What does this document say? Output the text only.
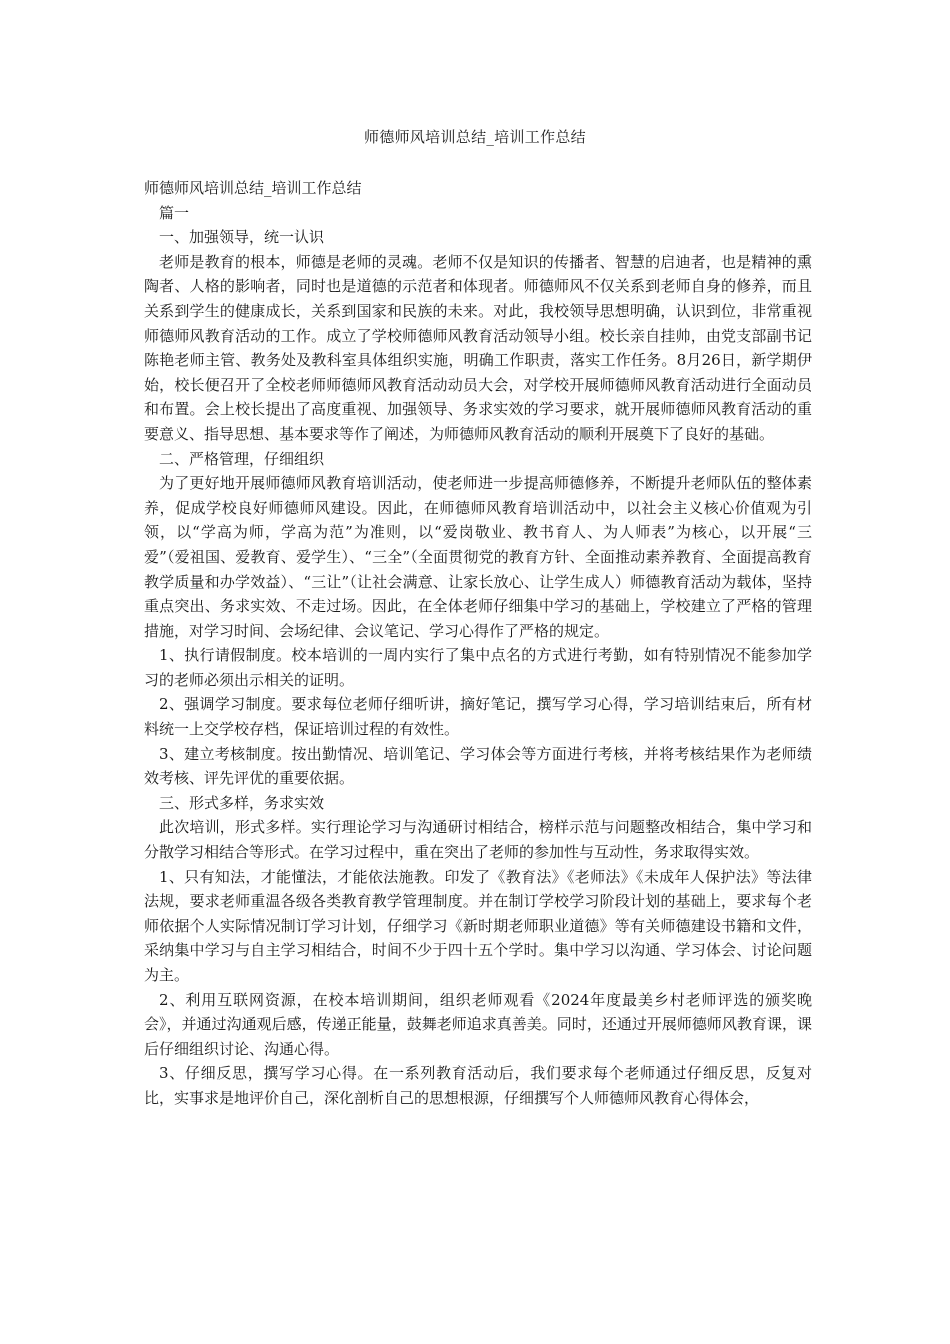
师德师风培训总结_培训工作总结

师德师风培训总结_培训工作总结

篇一

一、加强领导，统一认识

老师是教育的根本，师德是老师的灵魂。老师不仅是知识的传播者、智慧的启迪者，也是精神的熏陶者、人格的影响者，同时也是道德的示范者和体现者。师德师风不仅关系到老师自身的修养，而且关系到学生的健康成长，关系到国家和民族的未来。对此，我校领导思想明确，认识到位，非常重视师德师风教育活动的工作。成立了学校师德师风教育活动领导小组。校长亲自挂帅，由党支部副书记陈艳老师主管、教务处及教科室具体组织实施，明确工作职责，落实工作任务。8月26日，新学期伊始，校长便召开了全校老师师德师风教育活动动员大会，对学校开展师德师风教育活动进行全面动员和布置。会上校长提出了高度重视、加强领导、务求实效的学习要求，就开展师德师风教育活动的重要意义、指导思想、基本要求等作了阐述，为师德师风教育活动的顺利开展奠下了良好的基础。

二、严格管理，仔细组织

为了更好地开展师德师风教育培训活动，使老师进一步提高师德修养，不断提升老师队伍的整体素养，促成学校良好师德师风建设。因此，在师德师风教育培训活动中，以社会主义核心价值观为引领，以“学高为师，学高为范”为准则，以“爱岗敬业、教书育人、为人师表”为核心，以开展“三爱”（爱祖国、爱教育、爱学生）、“三全”（全面贯彻党的教育方针、全面推动素养教育、全面提高教育教学质量和办学效益）、“三让”（让社会满意、让家长放心、让学生成人）师德教育活动为载体，坚持重点突出、务求实效、不走过场。因此，在全体老师仔细集中学习的基础上，学校建立了严格的管理措施，对学习时间、会场纪律、会议笔记、学习心得作了严格的规定。

1、执行请假制度。校本培训的一周内实行了集中点名的方式进行考勤，如有特别情况不能参加学习的老师必须出示相关的证明。

2、强调学习制度。要求每位老师仔细听讲，摘好笔记，撰写学习心得，学习培训结束后，所有材料统一上交学校存档，保证培训过程的有效性。

3、建立考核制度。按出勤情况、培训笔记、学习体会等方面进行考核，并将考核结果作为老师绩效考核、评先评优的重要依据。

三、形式多样，务求实效

此次培训，形式多样。实行理论学习与沟通研讨相结合，榜样示范与问题整改相结合，集中学习和分散学习相结合等形式。在学习过程中，重在突出了老师的参加性与互动性，务求取得实效。

1、只有知法，才能懂法，才能依法施教。印发了《教育法》《老师法》《未成年人保护法》等法律法规，要求老师重温各级各类教育教学管理制度。并在制订学校学习阶段计划的基础上，要求每个老师依据个人实际情况制订学习计划，仔细学习《新时期老师职业道德》等有关师德建设书籍和文件，采纳集中学习与自主学习相结合，时间不少于四十五个学时。集中学习以沟通、学习体会、讨论问题为主。

2、利用互联网资源，在校本培训期间，组织老师观看《2024年度最美乡村老师评选的颁奖晚会》，并通过沟通观后感，传递正能量，鼓舞老师追求真善美。同时，还通过开展师德师风教育课，课后仔细组织讨论、沟通心得。

3、仔细反思，撰写学习心得。在一系列教育活动后，我们要求每个老师通过仔细反思，反复对比，实事求是地评价自己，深化剖析自己的思想根源，仔细撰写个人师德师风教育心得体会，
